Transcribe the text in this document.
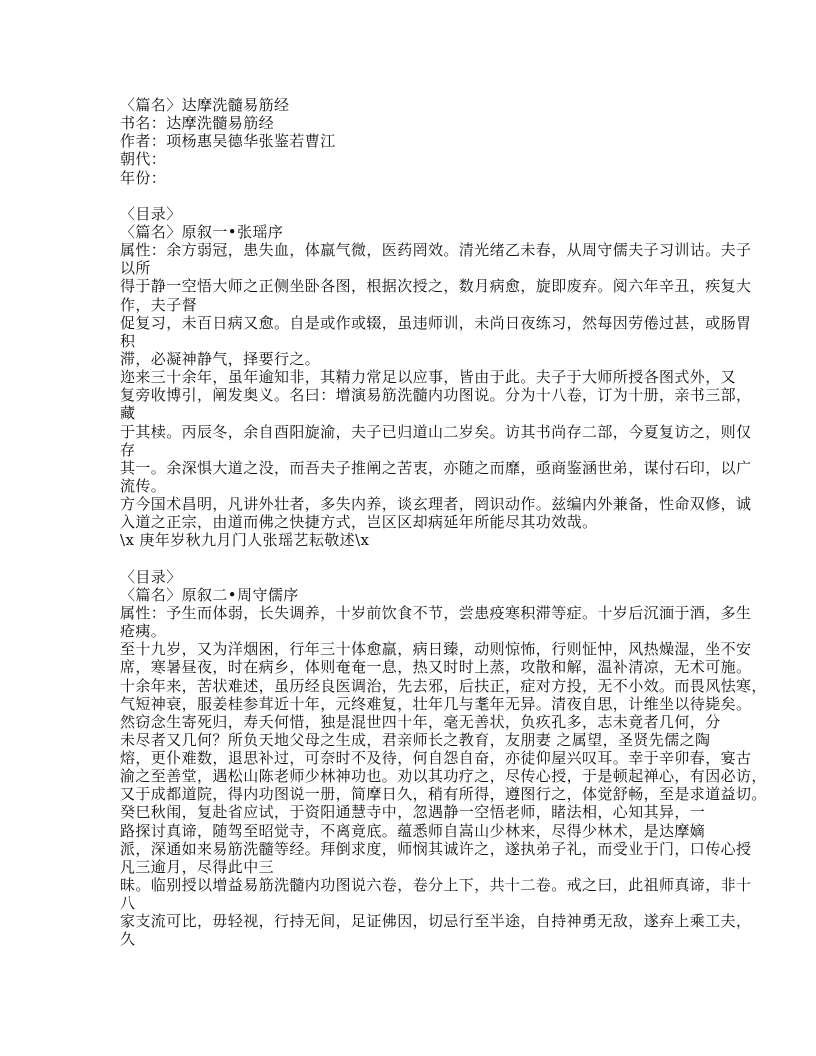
〈篇名〉达摩洗髓易筋经
书名：达摩洗髓易筋经
作者：项杨惠吴德华张鉴若曹江
朝代：
年份：
〈目录〉
〈篇名〉原叙一•张瑶序
属性：余方弱冠，患失血，体羸气微，医药罔效。清光绪乙未春，从周守儒夫子习训诂。夫子
以所
得于静一空悟大师之正侧坐卧各图，根据次授之，数月病愈，旋即废弃。阅六年辛丑，疾复大
作，夫子督
促复习，未百日病又愈。自是或作或辍，虽违师训，未尚日夜练习，然每因劳倦过甚，或肠胃
积
滞，必凝神静气，择要行之。
迩来三十余年，虽年逾知非，其精力常足以应事，皆由于此。夫子于大师所授各图式外，又
复旁收博引，阐发奥义。名曰：增演易筋洗髓内功图说。分为十八卷，订为十册，亲书三部，
藏
于其椟。丙辰冬，余自酉阳旋渝，夫子已归道山二岁矣。访其书尚存二部，今夏复访之，则仅
存
其一。余深惧大道之没，而吾夫子推阐之苦衷，亦随之而靡，亟商鉴涵世弟，谋付石印，以广
流传。
方今国术昌明，凡讲外壮者，多失内养，谈玄理者，罔识动作。兹编内外兼备，性命双修，诚
入道之正宗，由道而佛之快捷方式，岂区区却病延年所能尽其功效哉。
\x 庚年岁秋九月门人张瑶艺耘敬述\x
〈目录〉
〈篇名〉原叙二•周守儒序
属性：予生而体弱，长失调养，十岁前饮食不节，尝患疫寒积滞等症。十岁后沉湎于酒，多生
疮痍。
至十九岁，又为洋烟困，行年三十体愈羸，病日臻，动则惊怖，行则怔忡，风热燥湿，坐不安
席，寒暑昼夜，时在病乡，体则奄奄一息，热又时时上蒸，攻散和解，温补清凉，无术可施。
十余年来，苦状难述，虽历经良医调治，先去邪，后扶正，症对方投，无不小效。而畏风怯寒，
气短神衰，服姜桂参茸近十年，元终难复，壮年几与耄年无异。清夜自思，计维坐以待毙矣。
然窃念生寄死归，寿夭何惜，独是混世四十年，毫无善状，负疚孔多，志未竟者几何，分
未尽者又几何？所负天地父母之生成，君亲师长之教育，友朋妻 之属望，圣贤先儒之陶
熔，更仆难数，退思补过，可奈时不及待，何自怨自奋，亦徒仰屋兴叹耳。幸于辛卯春，宴古
渝之至善堂，遇松山陈老师少林神功也。劝以其功疗之，尽传心授，于是顿起禅心，有因必访，
又于成都道院，得内功图说一册，简摩日久，稍有所得，遵图行之，体觉舒畅，至是求道益切。
癸巳秋闱，复赴省应试，于资阳通慧寺中，忽遇静一空悟老师，睹法相，心知其异，一
路探讨真谛，随驾至昭觉寺，不离竟底。蕴悉师自嵩山少林来，尽得少林术，是达摩嫡
派，深通如来易筋洗髓等经。拜倒求度，师悯其诚许之，遂执弟子礼，而受业于门，口传心授
凡三逾月，尽得此中三
昧。临别授以增益易筋洗髓内功图说六卷，卷分上下，共十二卷。戒之曰，此祖师真谛，非十
八
家支流可比，毋轻视，行持无间，足证佛因，切忌行至半途，自持神勇无敌，遂弃上乘工夫，
久
